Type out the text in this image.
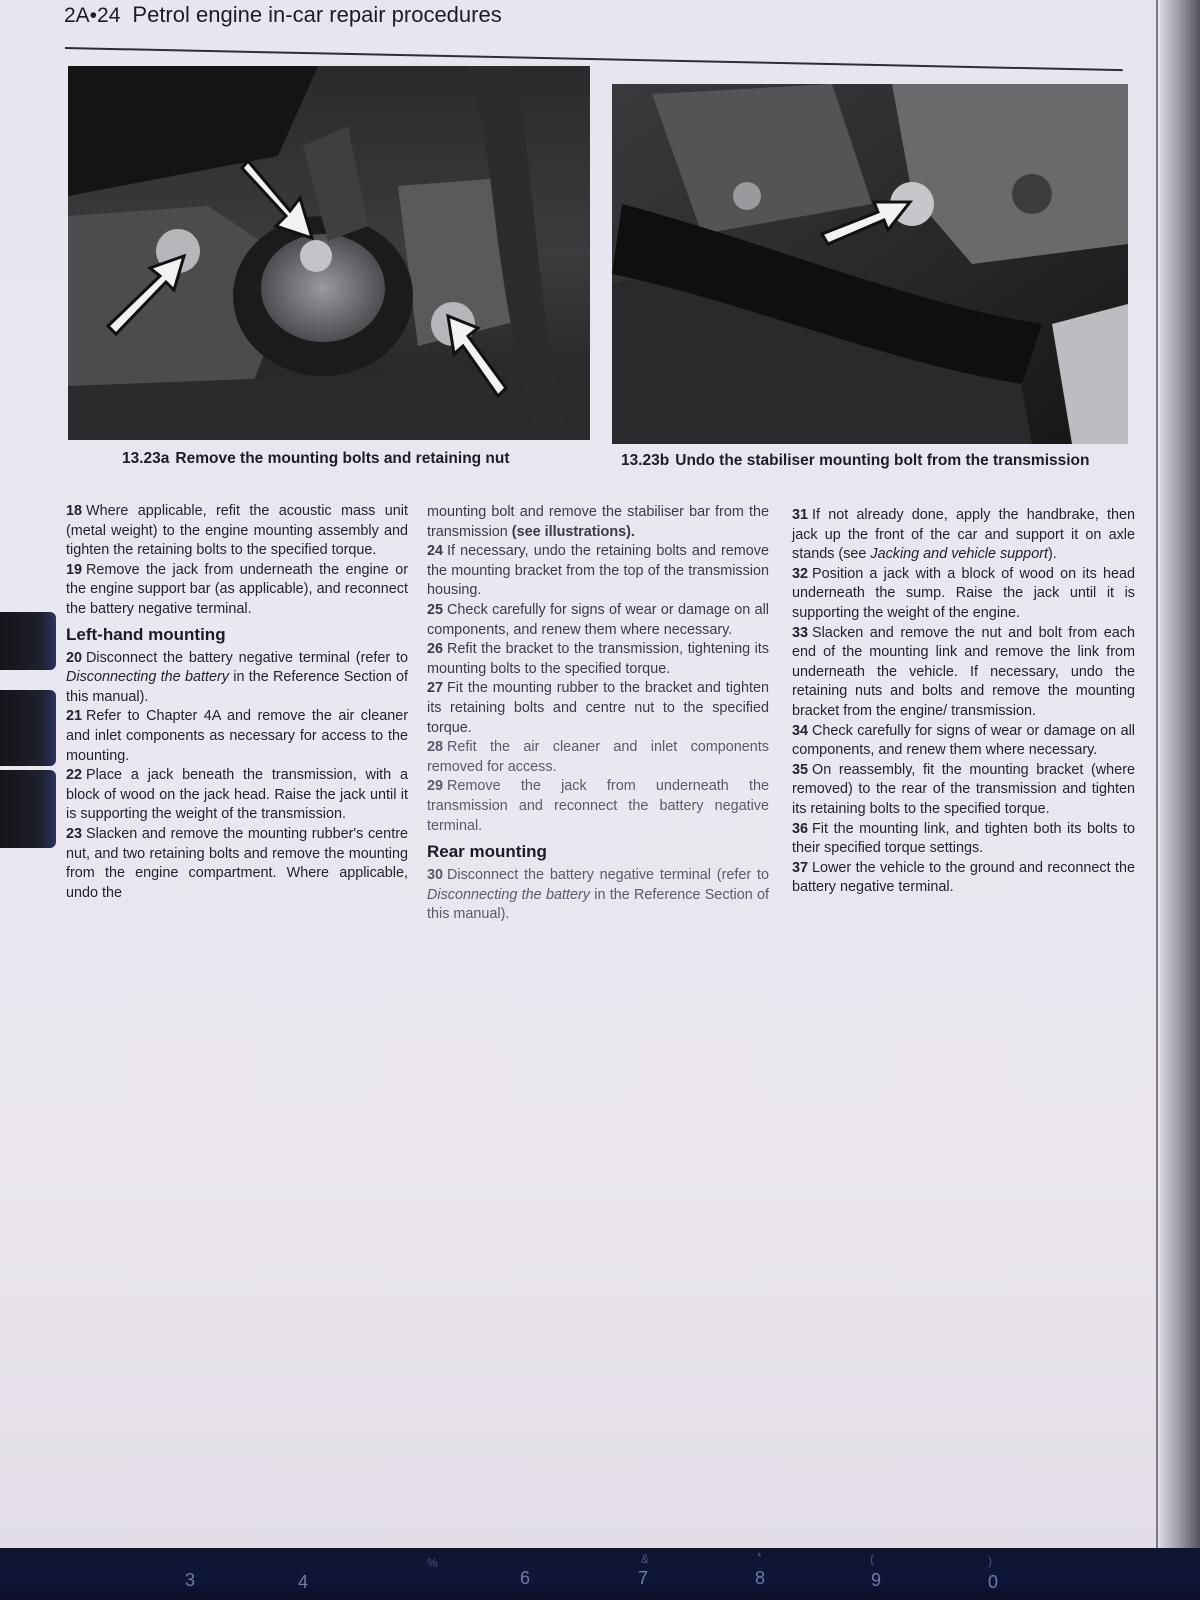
2A•24 Petrol engine in-car repair procedures
13.23a Remove the mounting bolts and retaining nut	13.23b Undo the stabiliser mounting bolt from the transmission

18 Where applicable, refit the acoustic mass unit (metal weight) to the engine mounting assembly and tighten the retaining bolts to the specified torque.

19 Remove the jack from underneath the engine or the engine support bar (as applicable), and reconnect the battery negative terminal.

Left-hand mounting

20 Disconnect the battery negative terminal (refer to Disconnecting the battery in the Reference Section of this manual).

21 Refer to Chapter 4A and remove the air cleaner and inlet components as necessary for access to the mounting.

22 Place a jack beneath the transmission, with a block of wood on the jack head. Raise the jack until it is supporting the weight of the transmission.

23 Slacken and remove the mounting rubber's centre nut, and two retaining bolts and remove the mounting from the engine compartment. Where applicable, undo the

mounting bolt and remove the stabiliser bar from the transmission (see illustrations).

24 If necessary, undo the retaining bolts and remove the mounting bracket from the top of the transmission housing.

25 Check carefully for signs of wear or damage on all components, and renew them where necessary.

26 Refit the bracket to the transmission, tightening its mounting bolts to the specified torque.

27 Fit the mounting rubber to the bracket and tighten its retaining bolts and centre nut to the specified torque.

28 Refit the air cleaner and inlet components removed for access.

29 Remove the jack from underneath the transmission and reconnect the battery negative terminal.

Rear mounting

30 Disconnect the battery negative terminal (refer to Disconnecting the battery in the Reference Section of this manual).

31 If not already done, apply the handbrake, then jack up the front of the car and support it on axle stands (see Jacking and vehicle support).

32 Position a jack with a block of wood on its head underneath the sump. Raise the jack until it is supporting the weight of the engine.

33 Slacken and remove the nut and bolt from each end of the mounting link and remove the link from underneath the vehicle. If necessary, undo the retaining nuts and bolts and remove the mounting bracket from the engine/ transmission.

34 Check carefully for signs of wear or damage on all components, and renew them where necessary.

35 On reassembly, fit the mounting bracket (where removed) to the rear of the transmission and tighten its retaining bolts to the specified torque.

36 Fit the mounting link, and tighten both its bolts to their specified torque settings.

37 Lower the vehicle to the ground and reconnect the battery negative terminal.

3	4
%
6
&
7
*
8
(
9
)
0
